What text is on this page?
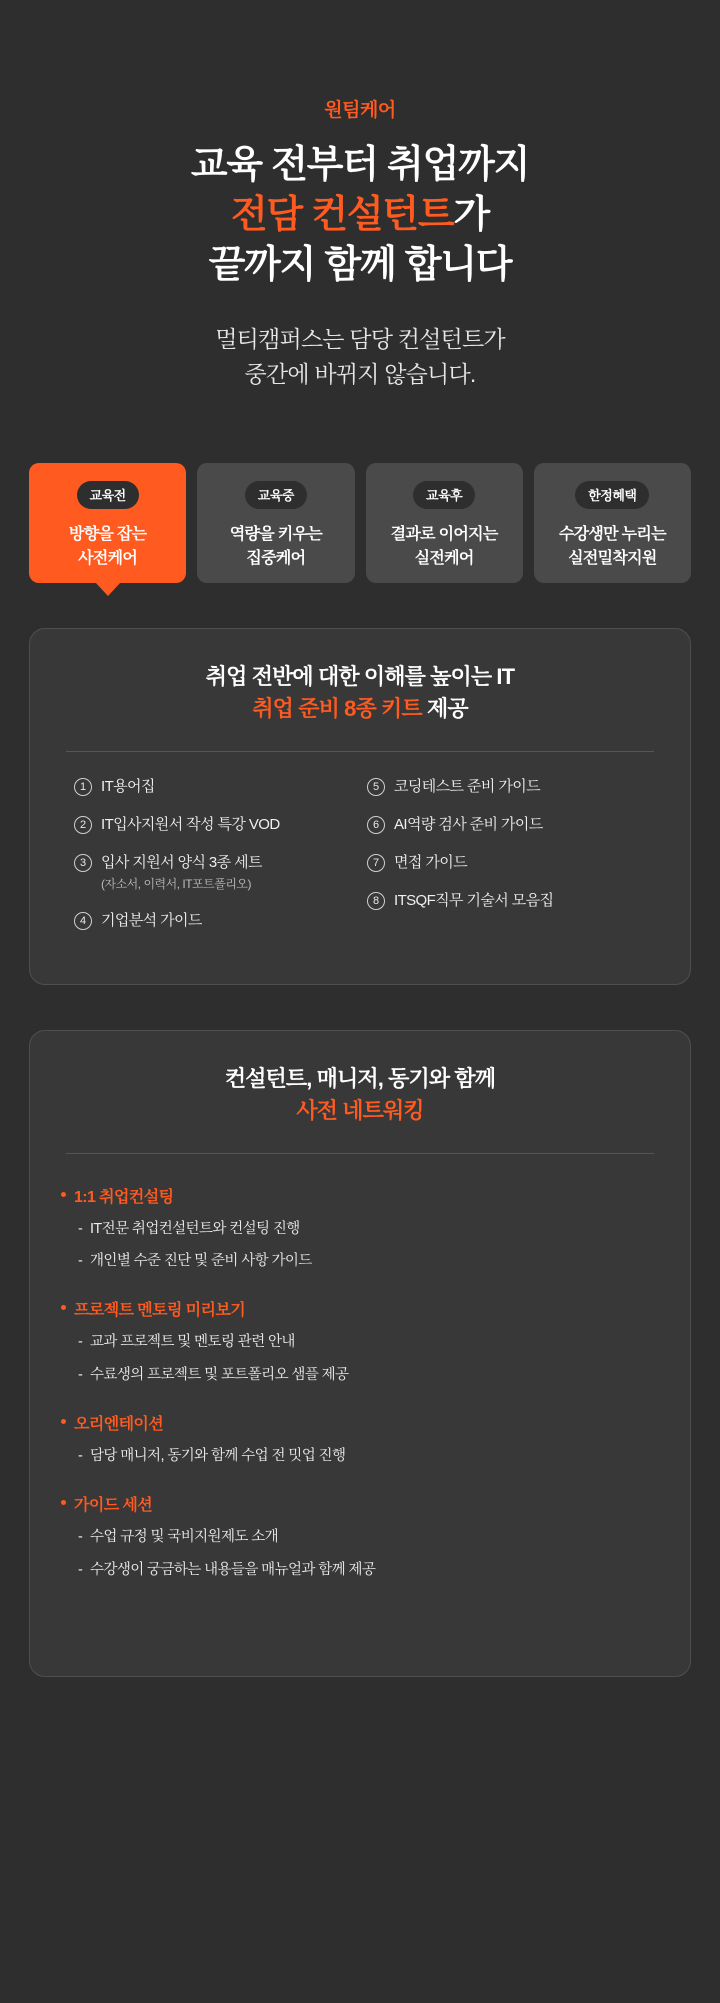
원팀케어
교육 전부터 취업까지
전담 컨설턴트가
끝까지 함께 합니다

멀티캠퍼스는 담당 컨설턴트가
중간에 바뀌지 않습니다.

교육전
방향을 잡는
사전케어
교육중
역량을 키우는
집중케어
교육후
결과로 이어지는
실전케어
한정혜택
수강생만 누리는
실전밀착지원
취업 전반에 대한 이해를 높이는 IT
취업 준비 8종 키트 제공
1 IT용어집
2 IT입사지원서 작성 특강 VOD
3 입사 지원서 양식 3종 세트
(자소서, 이력서, IT포트폴리오)
4 기업분석 가이드
5 코딩테스트 준비 가이드
6 AI역량 검사 준비 가이드
7 면접 가이드
8 ITSQF직무 기술서 모음집
컨설턴트, 매니저, 동기와 함께
사전 네트워킹
1:1 취업컨설팅
- IT전문 취업컨설턴트와 컨설팅 진행
- 개인별 수준 진단 및 준비 사항 가이드
프로젝트 멘토링 미리보기
- 교과 프로젝트 및 멘토링 관련 안내
- 수료생의 프로젝트 및 포트폴리오 샘플 제공
오리엔테이션
- 담당 매니저, 동기와 함께 수업 전 밋업 진행
가이드 세션
- 수업 규정 및 국비지원제도 소개
- 수강생이 궁금하는 내용들을 매뉴얼과 함께 제공
